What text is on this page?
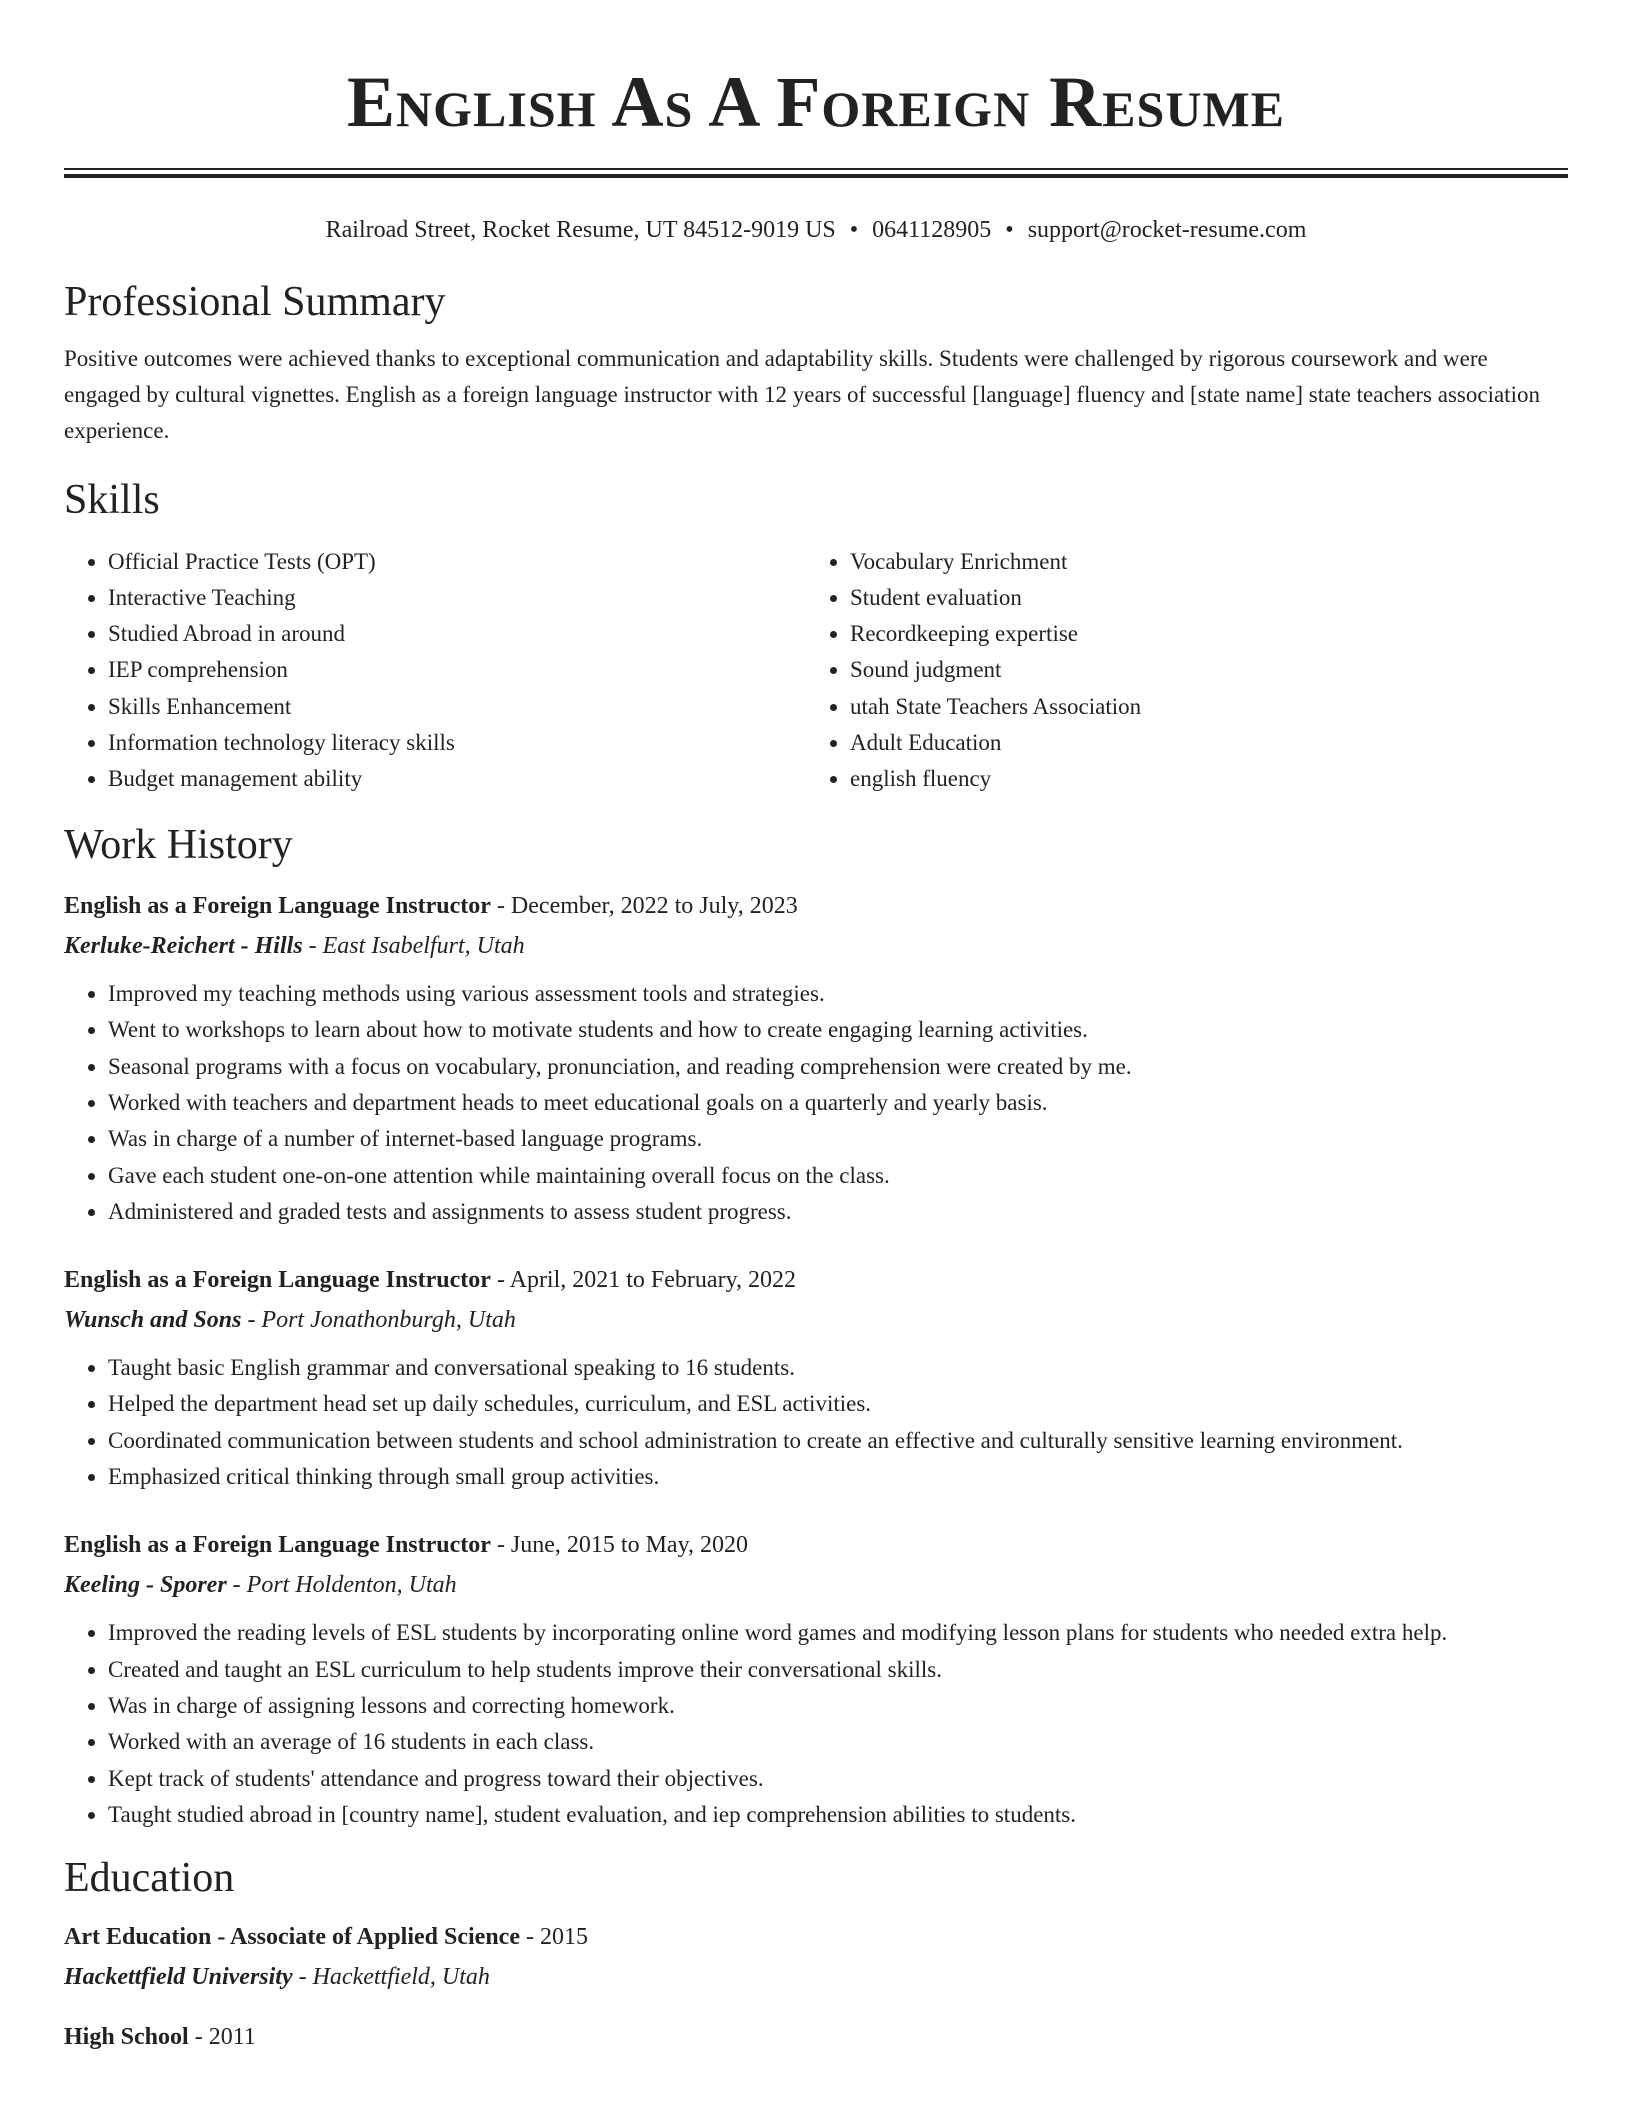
English As A Foreign Resume
Railroad Street, Rocket Resume, UT 84512-9019 US • 0641128905 • support@rocket-resume.com
Professional Summary

Positive outcomes were achieved thanks to exceptional communication and adaptability skills. Students were challenged by rigorous coursework and were engaged by cultural vignettes. English as a foreign language instructor with 12 years of successful [language] fluency and [state name] state teachers association experience.

Skills
• Official Practice Tests (OPT)
• Interactive Teaching
• Studied Abroad in around
• IEP comprehension
• Skills Enhancement
• Information technology literacy skills
• Budget management ability
• Vocabulary Enrichment
• Student evaluation
• Recordkeeping expertise
• Sound judgment
• utah State Teachers Association
• Adult Education
• english fluency
Work History
English as a Foreign Language Instructor - December, 2022 to July, 2023
Kerluke-Reichert - Hills - East Isabelfurt, Utah
• Improved my teaching methods using various assessment tools and strategies.
• Went to workshops to learn about how to motivate students and how to create engaging learning activities.
• Seasonal programs with a focus on vocabulary, pronunciation, and reading comprehension were created by me.
• Worked with teachers and department heads to meet educational goals on a quarterly and yearly basis.
• Was in charge of a number of internet-based language programs.
• Gave each student one-on-one attention while maintaining overall focus on the class.
• Administered and graded tests and assignments to assess student progress.
English as a Foreign Language Instructor - April, 2021 to February, 2022
Wunsch and Sons - Port Jonathonburgh, Utah
• Taught basic English grammar and conversational speaking to 16 students.
• Helped the department head set up daily schedules, curriculum, and ESL activities.
• Coordinated communication between students and school administration to create an effective and culturally sensitive learning environment.
• Emphasized critical thinking through small group activities.
English as a Foreign Language Instructor - June, 2015 to May, 2020
Keeling - Sporer - Port Holdenton, Utah
• Improved the reading levels of ESL students by incorporating online word games and modifying lesson plans for students who needed extra help.
• Created and taught an ESL curriculum to help students improve their conversational skills.
• Was in charge of assigning lessons and correcting homework.
• Worked with an average of 16 students in each class.
• Kept track of students' attendance and progress toward their objectives.
• Taught studied abroad in [country name], student evaluation, and iep comprehension abilities to students.
Education
Art Education - Associate of Applied Science - 2015
Hackettfield University - Hackettfield, Utah
High School - 2011
